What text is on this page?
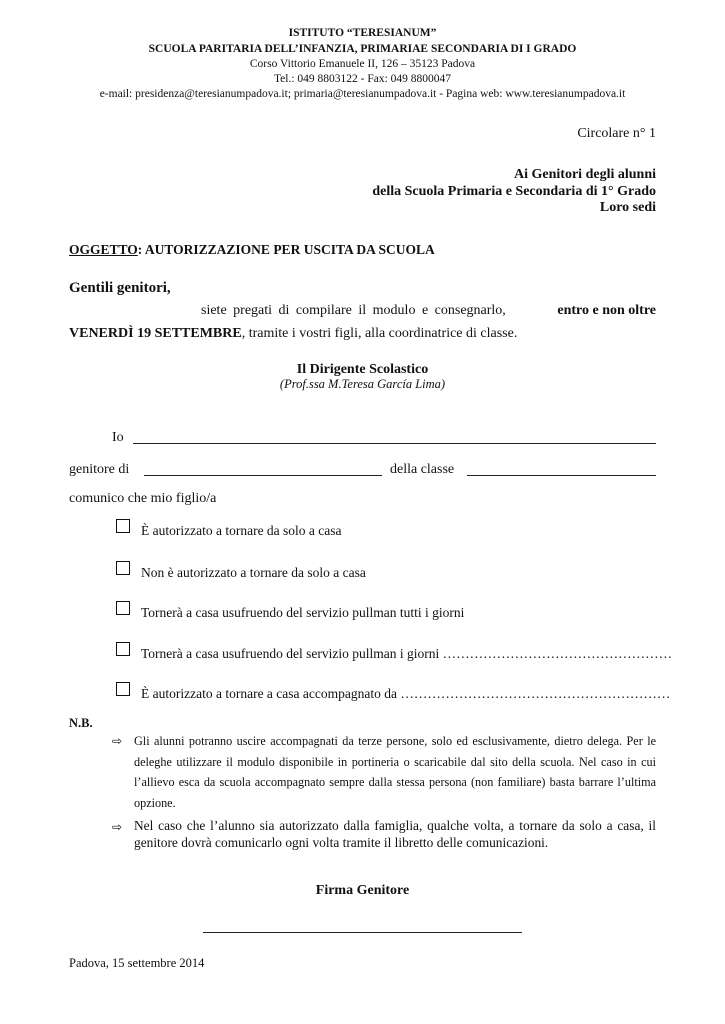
ISTITUTO “TERESIANUM”
SCUOLA PARITARIA DELL’INFANZIA, PRIMARIAE SECONDARIA DI I GRADO
Corso Vittorio Emanuele II, 126 – 35123 Padova
Tel.: 049 8803122 - Fax: 049 8800047
e-mail: presidenza@teresianumpadova.it; primaria@teresianumpadova.it - Pagina web: www.teresianumpadova.it
Circolare n° 1
Ai Genitori degli alunni
della Scuola Primaria e Secondaria di 1° Grado
Loro sedi
OGGETTO: AUTORIZZAZIONE PER USCITA DA SCUOLA
Gentili genitori,
siete pregati di compilare il modulo e consegnarlo,	entro e non oltre
VENERDÌ 19 SETTEMBRE, tramite i vostri figli, alla coordinatrice di classe.
Il Dirigente Scolastico
(Prof.ssa M.Teresa García Lima)
Io
genitore di	della classe
comunico che mio figlio/a
È autorizzato a tornare da solo a casa
Non è autorizzato a tornare da solo a casa
Tornerà a casa usufruendo del servizio pullman tutti i giorni
Tornerà a casa usufruendo del servizio pullman i giorni ……………………………………………
È autorizzato a tornare a casa accompagnato da ……………………………………………………
N.B.
⇨ Gli alunni potranno uscire accompagnati da terze persone, solo ed esclusivamente, dietro delega. Per le deleghe utilizzare il modulo disponibile in portineria o scaricabile dal sito della scuola. Nel caso in cui l’allievo esca da scuola accompagnato sempre dalla stessa persona (non familiare) basta barrare l’ultima opzione.
⇨ Nel caso che l’alunno sia autorizzato dalla famiglia, qualche volta, a tornare da solo a casa, il genitore dovrà comunicarlo ogni volta tramite il libretto delle comunicazioni.
Firma Genitore
Padova, 15 settembre 2014
